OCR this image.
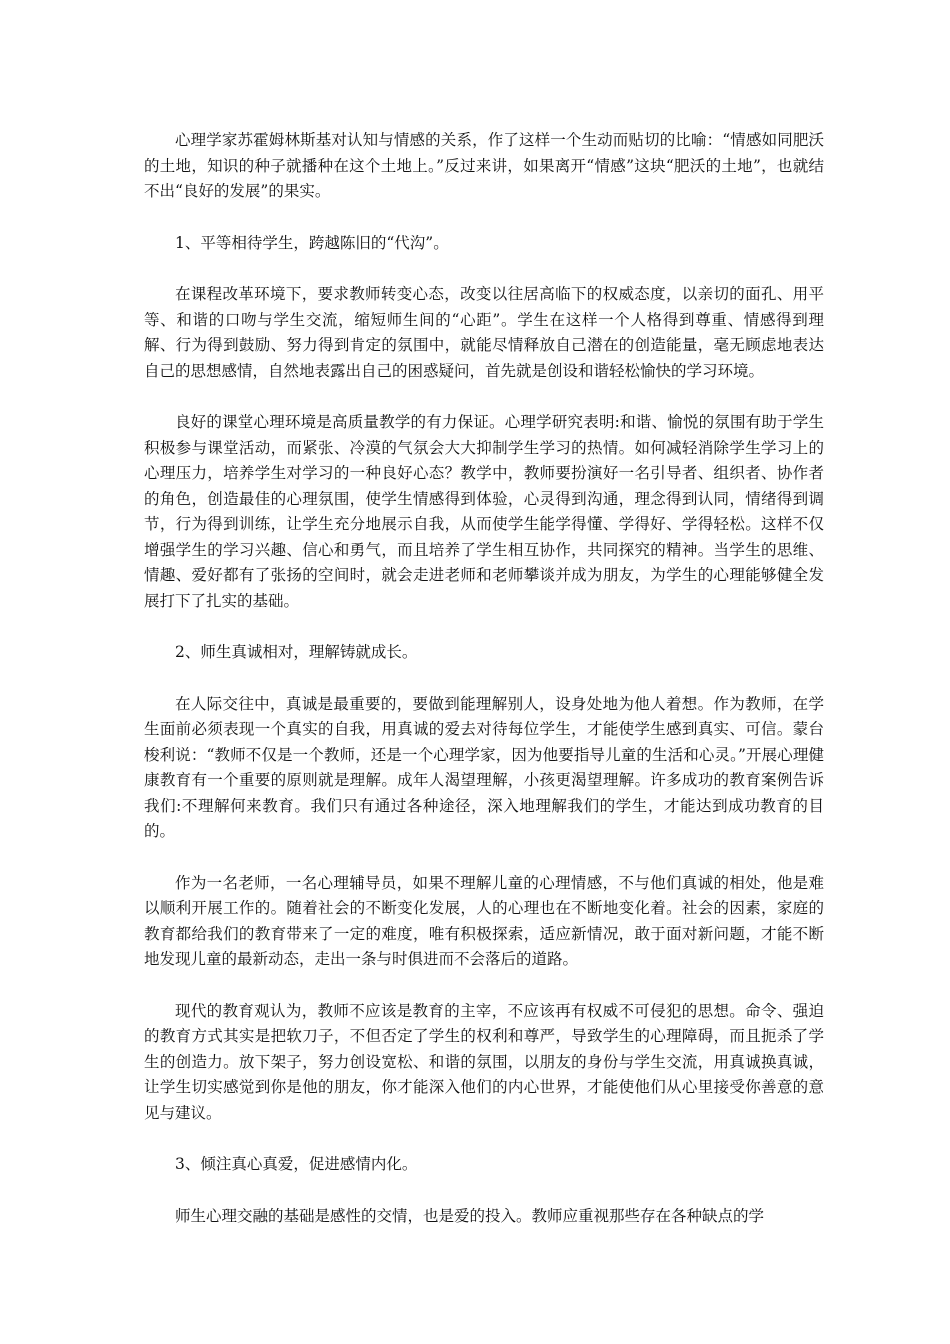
心理学家苏霍姆林斯基对认知与情感的关系，作了这样一个生动而贴切的比喻：“情感如同肥沃的土地，知识的种子就播种在这个土地上。”反过来讲，如果离开“情感”这块“肥沃的土地”，也就结不出“良好的发展”的果实。

1、平等相待学生，跨越陈旧的“代沟”。

在课程改革环境下，要求教师转变心态，改变以往居高临下的权威态度，以亲切的面孔、用平等、和谐的口吻与学生交流，缩短师生间的“心距”。学生在这样一个人格得到尊重、情感得到理解、行为得到鼓励、努力得到肯定的氛围中，就能尽情释放自己潜在的创造能量，毫无顾虑地表达自己的思想感情，自然地表露出自己的困惑疑问，首先就是创设和谐轻松愉快的学习环境。

良好的课堂心理环境是高质量教学的有力保证。心理学研究表明:和谐、愉悦的氛围有助于学生积极参与课堂活动，而紧张、冷漠的气氛会大大抑制学生学习的热情。如何减轻消除学生学习上的心理压力，培养学生对学习的一种良好心态？教学中，教师要扮演好一名引导者、组织者、协作者的角色，创造最佳的心理氛围，使学生情感得到体验，心灵得到沟通，理念得到认同，情绪得到调节，行为得到训练，让学生充分地展示自我，从而使学生能学得懂、学得好、学得轻松。这样不仅增强学生的学习兴趣、信心和勇气，而且培养了学生相互协作，共同探究的精神。当学生的思维、情趣、爱好都有了张扬的空间时，就会走进老师和老师攀谈并成为朋友，为学生的心理能够健全发展打下了扎实的基础。

2、师生真诚相对，理解铸就成长。

在人际交往中，真诚是最重要的，要做到能理解别人，设身处地为他人着想。作为教师，在学生面前必须表现一个真实的自我，用真诚的爱去对待每位学生，才能使学生感到真实、可信。蒙台梭利说：“教师不仅是一个教师，还是一个心理学家，因为他要指导儿童的生活和心灵。”开展心理健康教育有一个重要的原则就是理解。成年人渴望理解，小孩更渴望理解。许多成功的教育案例告诉我们:不理解何来教育。我们只有通过各种途径，深入地理解我们的学生，才能达到成功教育的目的。

作为一名老师，一名心理辅导员，如果不理解儿童的心理情感，不与他们真诚的相处，他是难以顺利开展工作的。随着社会的不断变化发展，人的心理也在不断地变化着。社会的因素，家庭的教育都给我们的教育带来了一定的难度，唯有积极探索，适应新情况，敢于面对新问题，才能不断地发现儿童的最新动态，走出一条与时俱进而不会落后的道路。

现代的教育观认为，教师不应该是教育的主宰，不应该再有权威不可侵犯的思想。命令、强迫的教育方式其实是把软刀子，不但否定了学生的权利和尊严，导致学生的心理障碍，而且扼杀了学生的创造力。放下架子，努力创设宽松、和谐的氛围，以朋友的身份与学生交流，用真诚换真诚，让学生切实感觉到你是他的朋友，你才能深入他们的内心世界，才能使他们从心里接受你善意的意见与建议。

3、倾注真心真爱，促进感情内化。

师生心理交融的基础是感性的交情，也是爱的投入。教师应重视那些存在各种缺点的学
